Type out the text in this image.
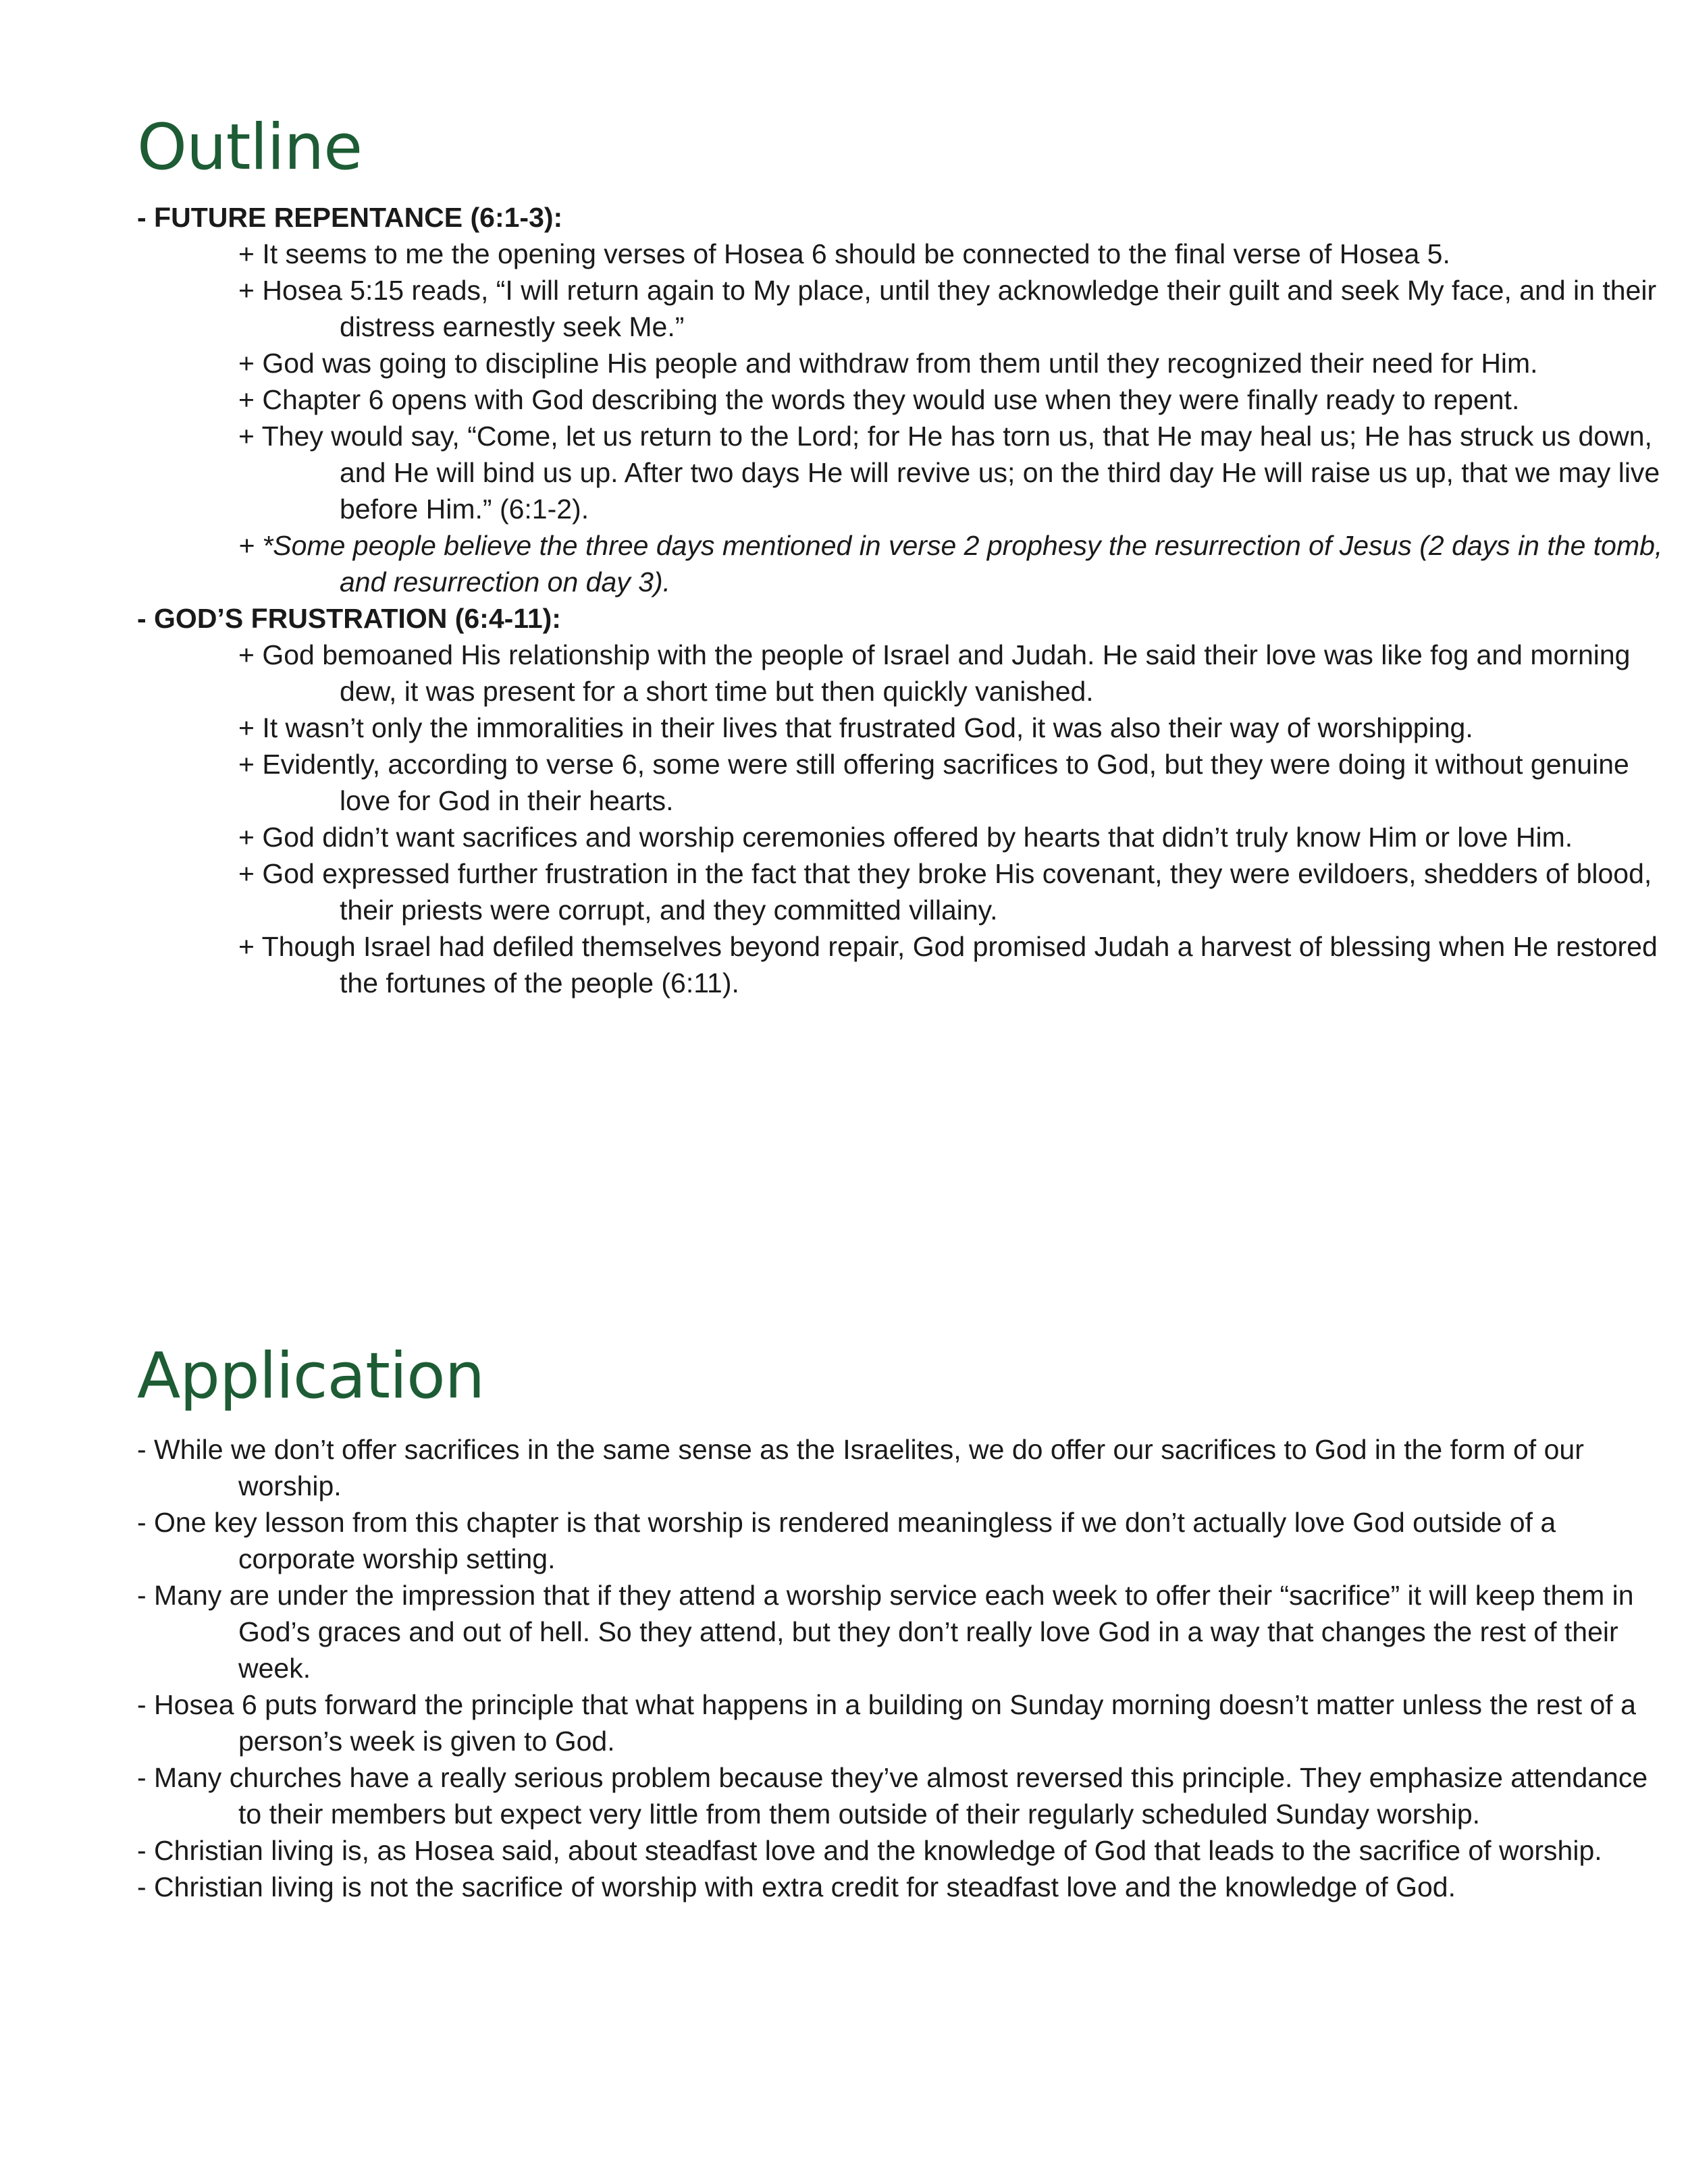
Outline

- FUTURE REPENTANCE (6:1-3):

+ It seems to me the opening verses of Hosea 6 should be connected to the final verse of Hosea 5.
+ Hosea 5:15 reads, “I will return again to My place, until they acknowledge their guilt and seek My face, and in their distress earnestly seek Me.”
+ God was going to discipline His people and withdraw from them until they recognized their need for Him.
+ Chapter 6 opens with God describing the words they would use when they were finally ready to repent.
+ They would say, “Come, let us return to the Lord; for He has torn us, that He may heal us; He has struck us down, and He will bind us up. After two days He will revive us; on the third day He will raise us up, that we may live before Him.” (6:1-2).
+ *Some people believe the three days mentioned in verse 2 prophesy the resurrection of Jesus (2 days in the tomb, and resurrection on day 3).

- GOD’S FRUSTRATION (6:4-11):

+ God bemoaned His relationship with the people of Israel and Judah. He said their love was like fog and morning dew, it was present for a short time but then quickly vanished.
+ It wasn’t only the immoralities in their lives that frustrated God, it was also their way of worshipping.
+ Evidently, according to verse 6, some were still offering sacrifices to God, but they were doing it without genuine love for God in their hearts.
+ God didn’t want sacrifices and worship ceremonies offered by hearts that didn’t truly know Him or love Him.
+ God expressed further frustration in the fact that they broke His covenant, they were evildoers, shedders of blood, their priests were corrupt, and they committed villainy.
+ Though Israel had defiled themselves beyond repair, God promised Judah a harvest of blessing when He restored the fortunes of the people (6:11).
Application

- While we don’t offer sacrifices in the same sense as the Israelites, we do offer our sacrifices to God in the form of our worship.

- One key lesson from this chapter is that worship is rendered meaningless if we don’t actually love God outside of a corporate worship setting.

- Many are under the impression that if they attend a worship service each week to offer their “sacrifice” it will keep them in God’s graces and out of hell. So they attend, but they don’t really love God in a way that changes the rest of their week.

- Hosea 6 puts forward the principle that what happens in a building on Sunday morning doesn’t matter unless the rest of a person’s week is given to God.

- Many churches have a really serious problem because they’ve almost reversed this principle. They emphasize attendance to their members but expect very little from them outside of their regularly scheduled Sunday worship.

- Christian living is, as Hosea said, about steadfast love and the knowledge of God that leads to the sacrifice of worship.

- Christian living is not the sacrifice of worship with extra credit for steadfast love and the knowledge of God.
